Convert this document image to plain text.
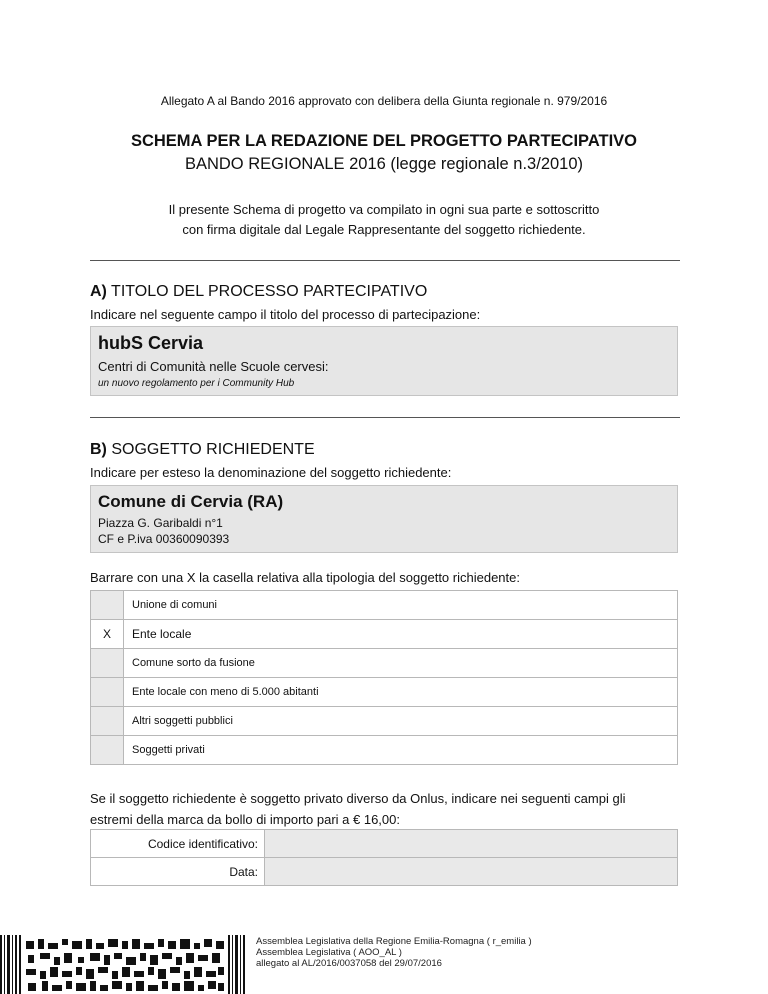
Allegato A al Bando 2016 approvato con delibera della Giunta regionale n. 979/2016
SCHEMA PER LA REDAZIONE DEL PROGETTO PARTECIPATIVO
BANDO REGIONALE 2016 (legge regionale n.3/2010)
Il presente Schema di progetto va compilato in ogni sua parte e sottoscritto
con firma digitale dal Legale Rappresentante del soggetto richiedente.
A) TITOLO DEL PROCESSO PARTECIPATIVO
Indicare nel seguente campo il titolo del processo di partecipazione:
hubS Cervia
Centri di Comunità nelle Scuole cervesi:
un nuovo regolamento per i Community Hub
B) SOGGETTO RICHIEDENTE
Indicare per esteso la denominazione del soggetto richiedente:
Comune di Cervia (RA)
Piazza G. Garibaldi n°1
CF e P.iva 00360090393
Barrare con una X la casella relativa alla tipologia del soggetto richiedente:
	Unione di comuni
X	Ente locale
	Comune sorto da fusione
	Ente locale con meno di 5.000 abitanti
	Altri soggetti pubblici
	Soggetti privati
Se il soggetto richiedente è soggetto privato diverso da Onlus, indicare nei seguenti campi gli
estremi della marca da bollo di importo pari a € 16,00:
Codice identificativo:	
Data:	
Assemblea Legislativa della Regione Emilia-Romagna ( r_emilia )
Assemblea Legislativa ( AOO_AL )
allegato al AL/2016/0037058 del 29/07/2016
